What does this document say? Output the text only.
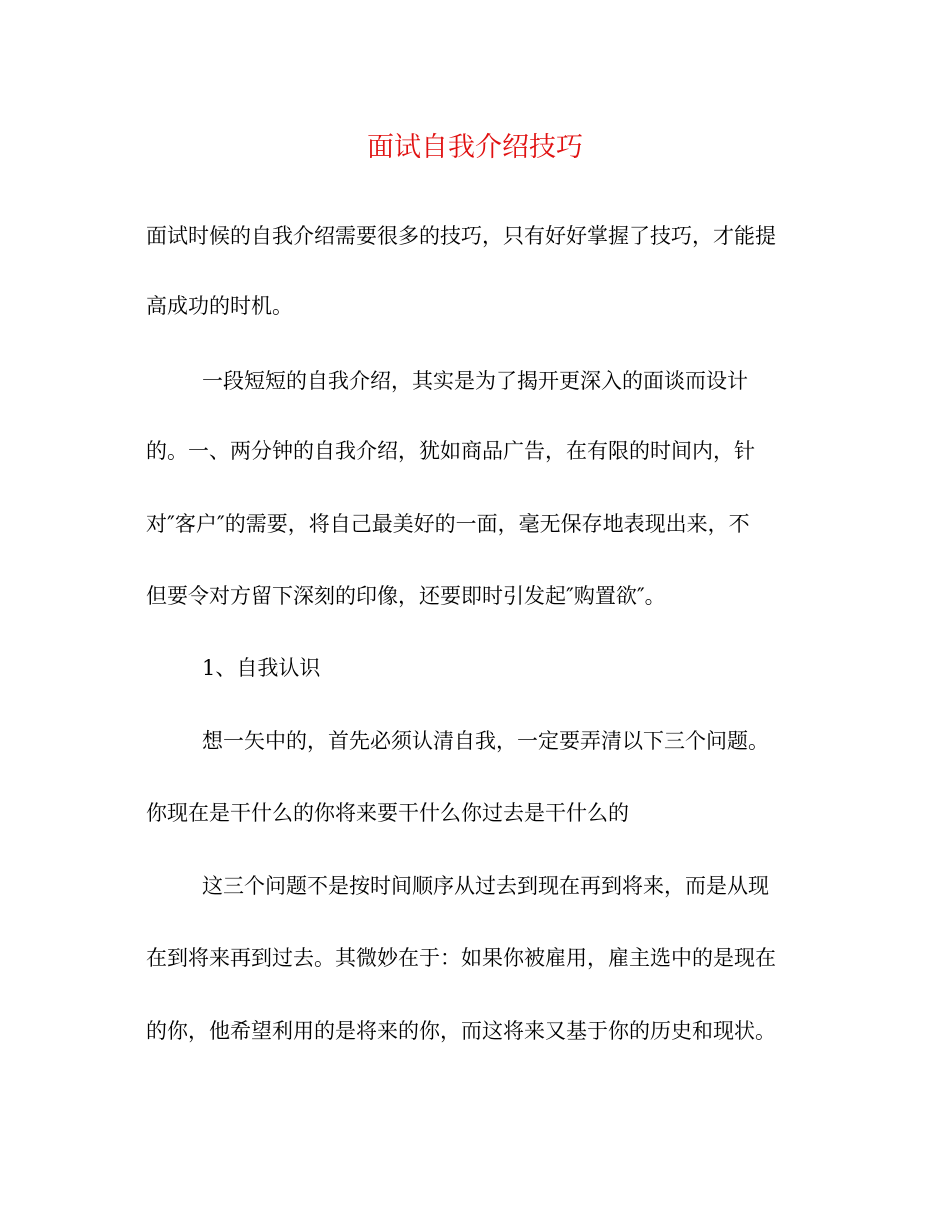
面试自我介绍技巧
面试时候的自我介绍需要很多的技巧，只有好好掌握了技巧，才能提
高成功的时机。
一段短短的自我介绍，其实是为了揭开更深入的面谈而设计
的。一、两分钟的自我介绍，犹如商品广告，在有限的时间内，针
对″客户″的需要，将自己最美好的一面，毫无保存地表现出来，不
但要令对方留下深刻的印像，还要即时引发起″购置欲″。
1、自我认识
想一矢中的，首先必须认清自我，一定要弄清以下三个问题。
你现在是干什么的你将来要干什么你过去是干什么的
这三个问题不是按时间顺序从过去到现在再到将来，而是从现
在到将来再到过去。其微妙在于：如果你被雇用，雇主选中的是现在
的你，他希望利用的是将来的你，而这将来又基于你的历史和现状。
